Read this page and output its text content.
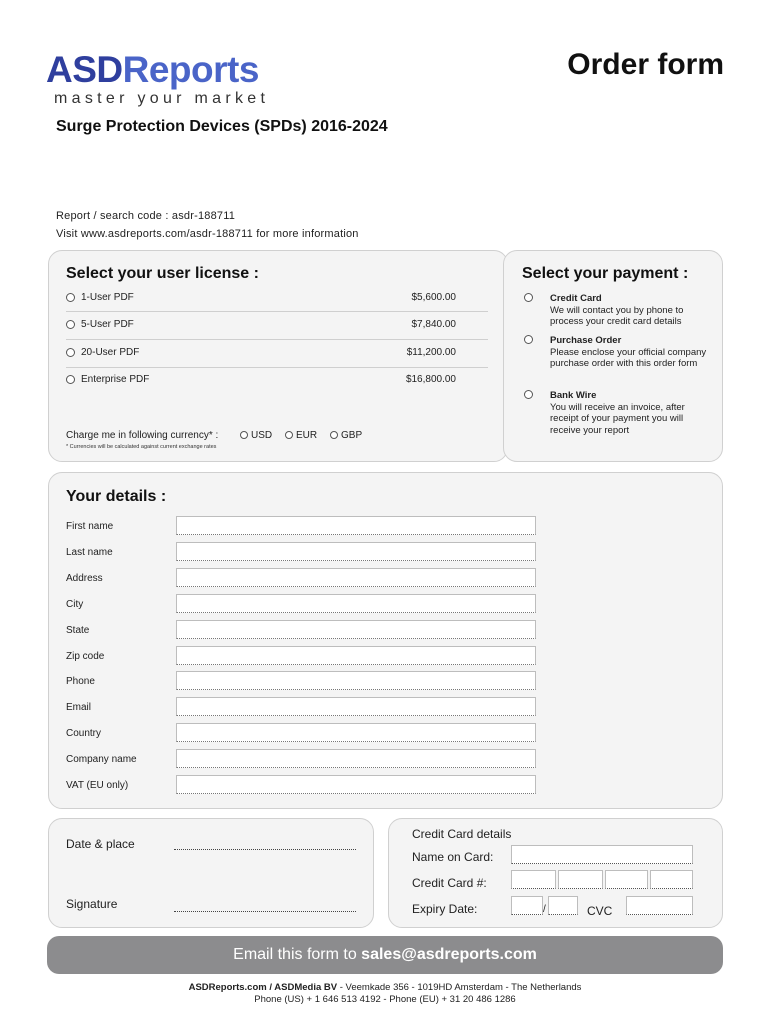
ASDReports
master your market
Order form
Surge Protection Devices (SPDs) 2016-2024
Report / search code : asdr-188711
Visit www.asdreports.com/asdr-188711 for more information
Select your user license :
1-User PDF	$5,600.00
5-User PDF	$7,840.00
20-User PDF	$11,200.00
Enterprise PDF	$16,800.00
Charge me in following currency* :	USD	EUR	GBP
* Currencies will be calculated against current exchange rates
Select your payment :
Credit Card
We will contact you by phone to process your credit card details
Purchase Order
Please enclose your official company purchase order with this order form
Bank Wire
You will receive an invoice, after receipt of your payment you will receive your report
Your details :
First name
Last name
Address
City
State
Zip code
Phone
Email
Country
Company name
VAT (EU only)
Date & place
Signature
Credit Card details
Name on Card:
Credit Card #:
Expiry Date:	/	CVC
Email this form to sales@asdreports.com
ASDReports.com / ASDMedia BV - Veemkade 356 - 1019HD Amsterdam - The Netherlands
Phone (US) + 1 646 513 4192 - Phone (EU) + 31 20 486 1286
